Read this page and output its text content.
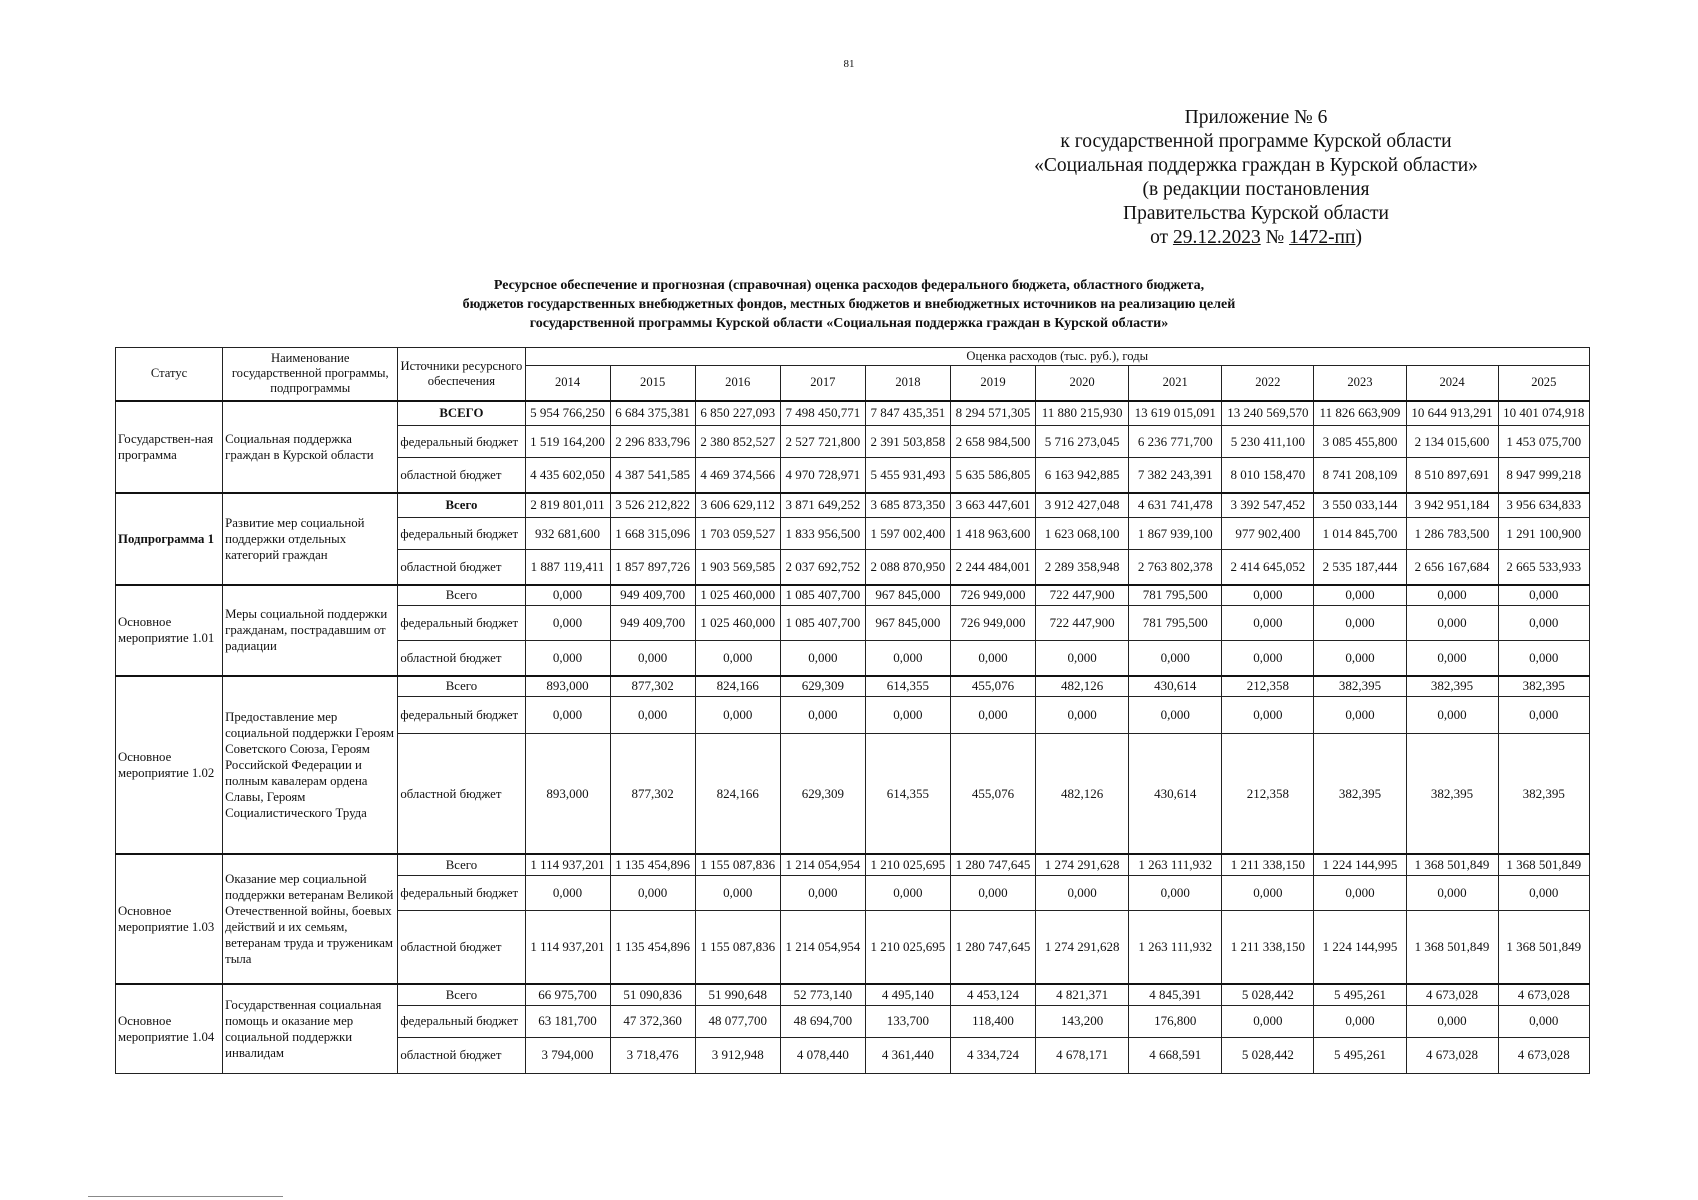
81
Приложение № 6
к государственной программе Курской области
«Социальная поддержка граждан в Курской области»
(в редакции постановления
Правительства Курской области
от 29.12.2023 № 1472-пп)
Ресурсное обеспечение и прогнозная (справочная) оценка расходов федерального бюджета, областного бюджета,
бюджетов государственных внебюджетных фондов, местных бюджетов и внебюджетных источников на реализацию целей
государственной программы Курской области «Социальная поддержка граждан в Курской области»
Статус	Наименование государственной программы, подпрограммы	Источники ресурсного обеспечения	Оценка расходов (тыс. руб.), годы											
			2014	2015	2016	2017	2018	2019	2020	2021	2022	2023	2024	2025
Государствен-ная программа	Социальная поддержка граждан в Курской области	ВСЕГО	5 954 766,250	6 684 375,381	6 850 227,093	7 498 450,771	7 847 435,351	8 294 571,305	11 880 215,930	13 619 015,091	13 240 569,570	11 826 663,909	10 644 913,291	10 401 074,918
		федеральный бюджет	1 519 164,200	2 296 833,796	2 380 852,527	2 527 721,800	2 391 503,858	2 658 984,500	5 716 273,045	6 236 771,700	5 230 411,100	3 085 455,800	2 134 015,600	1 453 075,700
		областной бюджет	4 435 602,050	4 387 541,585	4 469 374,566	4 970 728,971	5 455 931,493	5 635 586,805	6 163 942,885	7 382 243,391	8 010 158,470	8 741 208,109	8 510 897,691	8 947 999,218
Подпрограмма 1	Развитие мер социальной поддержки отдельных категорий граждан	Всего	2 819 801,011	3 526 212,822	3 606 629,112	3 871 649,252	3 685 873,350	3 663 447,601	3 912 427,048	4 631 741,478	3 392 547,452	3 550 033,144	3 942 951,184	3 956 634,833
		федеральный бюджет	932 681,600	1 668 315,096	1 703 059,527	1 833 956,500	1 597 002,400	1 418 963,600	1 623 068,100	1 867 939,100	977 902,400	1 014 845,700	1 286 783,500	1 291 100,900
		областной бюджет	1 887 119,411	1 857 897,726	1 903 569,585	2 037 692,752	2 088 870,950	2 244 484,001	2 289 358,948	2 763 802,378	2 414 645,052	2 535 187,444	2 656 167,684	2 665 533,933
Основное мероприятие 1.01	Меры социальной поддержки гражданам, пострадавшим от радиации	Всего	0,000	949 409,700	1 025 460,000	1 085 407,700	967 845,000	726 949,000	722 447,900	781 795,500	0,000	0,000	0,000	0,000
		федеральный бюджет	0,000	949 409,700	1 025 460,000	1 085 407,700	967 845,000	726 949,000	722 447,900	781 795,500	0,000	0,000	0,000	0,000
		областной бюджет	0,000	0,000	0,000	0,000	0,000	0,000	0,000	0,000	0,000	0,000	0,000	0,000
Основное мероприятие 1.02	Предоставление мер социальной поддержки Героям Советского Союза, Героям Российской Федерации и полным кавалерам ордена Славы, Героям Социалистического Труда	Всего	893,000	877,302	824,166	629,309	614,355	455,076	482,126	430,614	212,358	382,395	382,395	382,395
		федеральный бюджет	0,000	0,000	0,000	0,000	0,000	0,000	0,000	0,000	0,000	0,000	0,000	0,000
		областной бюджет	893,000	877,302	824,166	629,309	614,355	455,076	482,126	430,614	212,358	382,395	382,395	382,395
Основное мероприятие 1.03	Оказание мер социальной поддержки ветеранам Великой Отечественной войны, боевых действий и их семьям, ветеранам труда и труженикам тыла	Всего	1 114 937,201	1 135 454,896	1 155 087,836	1 214 054,954	1 210 025,695	1 280 747,645	1 274 291,628	1 263 111,932	1 211 338,150	1 224 144,995	1 368 501,849	1 368 501,849
		федеральный бюджет	0,000	0,000	0,000	0,000	0,000	0,000	0,000	0,000	0,000	0,000	0,000	0,000
		областной бюджет	1 114 937,201	1 135 454,896	1 155 087,836	1 214 054,954	1 210 025,695	1 280 747,645	1 274 291,628	1 263 111,932	1 211 338,150	1 224 144,995	1 368 501,849	1 368 501,849
Основное мероприятие 1.04	Государственная социальная помощь и оказание мер социальной поддержки инвалидам	Всего	66 975,700	51 090,836	51 990,648	52 773,140	4 495,140	4 453,124	4 821,371	4 845,391	5 028,442	5 495,261	4 673,028	4 673,028
		федеральный бюджет	63 181,700	47 372,360	48 077,700	48 694,700	133,700	118,400	143,200	176,800	0,000	0,000	0,000	0,000
		областной бюджет	3 794,000	3 718,476	3 912,948	4 078,440	4 361,440	4 334,724	4 678,171	4 668,591	5 028,442	5 495,261	4 673,028	4 673,028
